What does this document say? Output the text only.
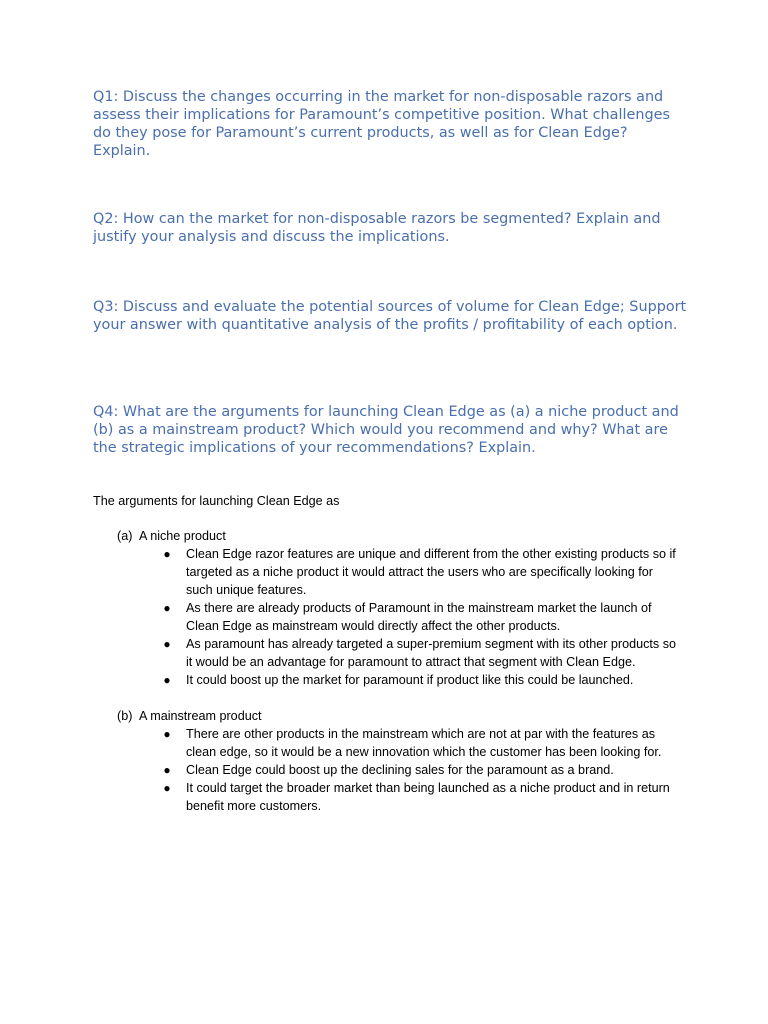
Q1: Discuss the changes occurring in the market for non-disposable razors and assess their implications for Paramount’s competitive position. What challenges do they pose for Paramount’s current products, as well as for Clean Edge? Explain.

Q2: How can the market for non-disposable razors be segmented? Explain and justify your analysis and discuss the implications.

Q3: Discuss and evaluate the potential sources of volume for Clean Edge; Support your answer with quantitative analysis of the profits / profitability of each option.

Q4: What are the arguments for launching Clean Edge as (a) a niche product and (b) as a mainstream product? Which would you recommend and why? What are the strategic implications of your recommendations? Explain.

The arguments for launching Clean Edge as

(a) A niche product

● Clean Edge razor features are unique and different from the other existing products so if targeted as a niche product it would attract the users who are specifically looking for such unique features.
● As there are already products of Paramount in the mainstream market the launch of Clean Edge as mainstream would directly affect the other products.
● As paramount has already targeted a super-premium segment with its other products so it would be an advantage for paramount to attract that segment with Clean Edge.
● It could boost up the market for paramount if product like this could be launched.

(b) A mainstream product

● There are other products in the mainstream which are not at par with the features as clean edge, so it would be a new innovation which the customer has been looking for.
● Clean Edge could boost up the declining sales for the paramount as a brand.
● It could target the broader market than being launched as a niche product and in return benefit more customers.
